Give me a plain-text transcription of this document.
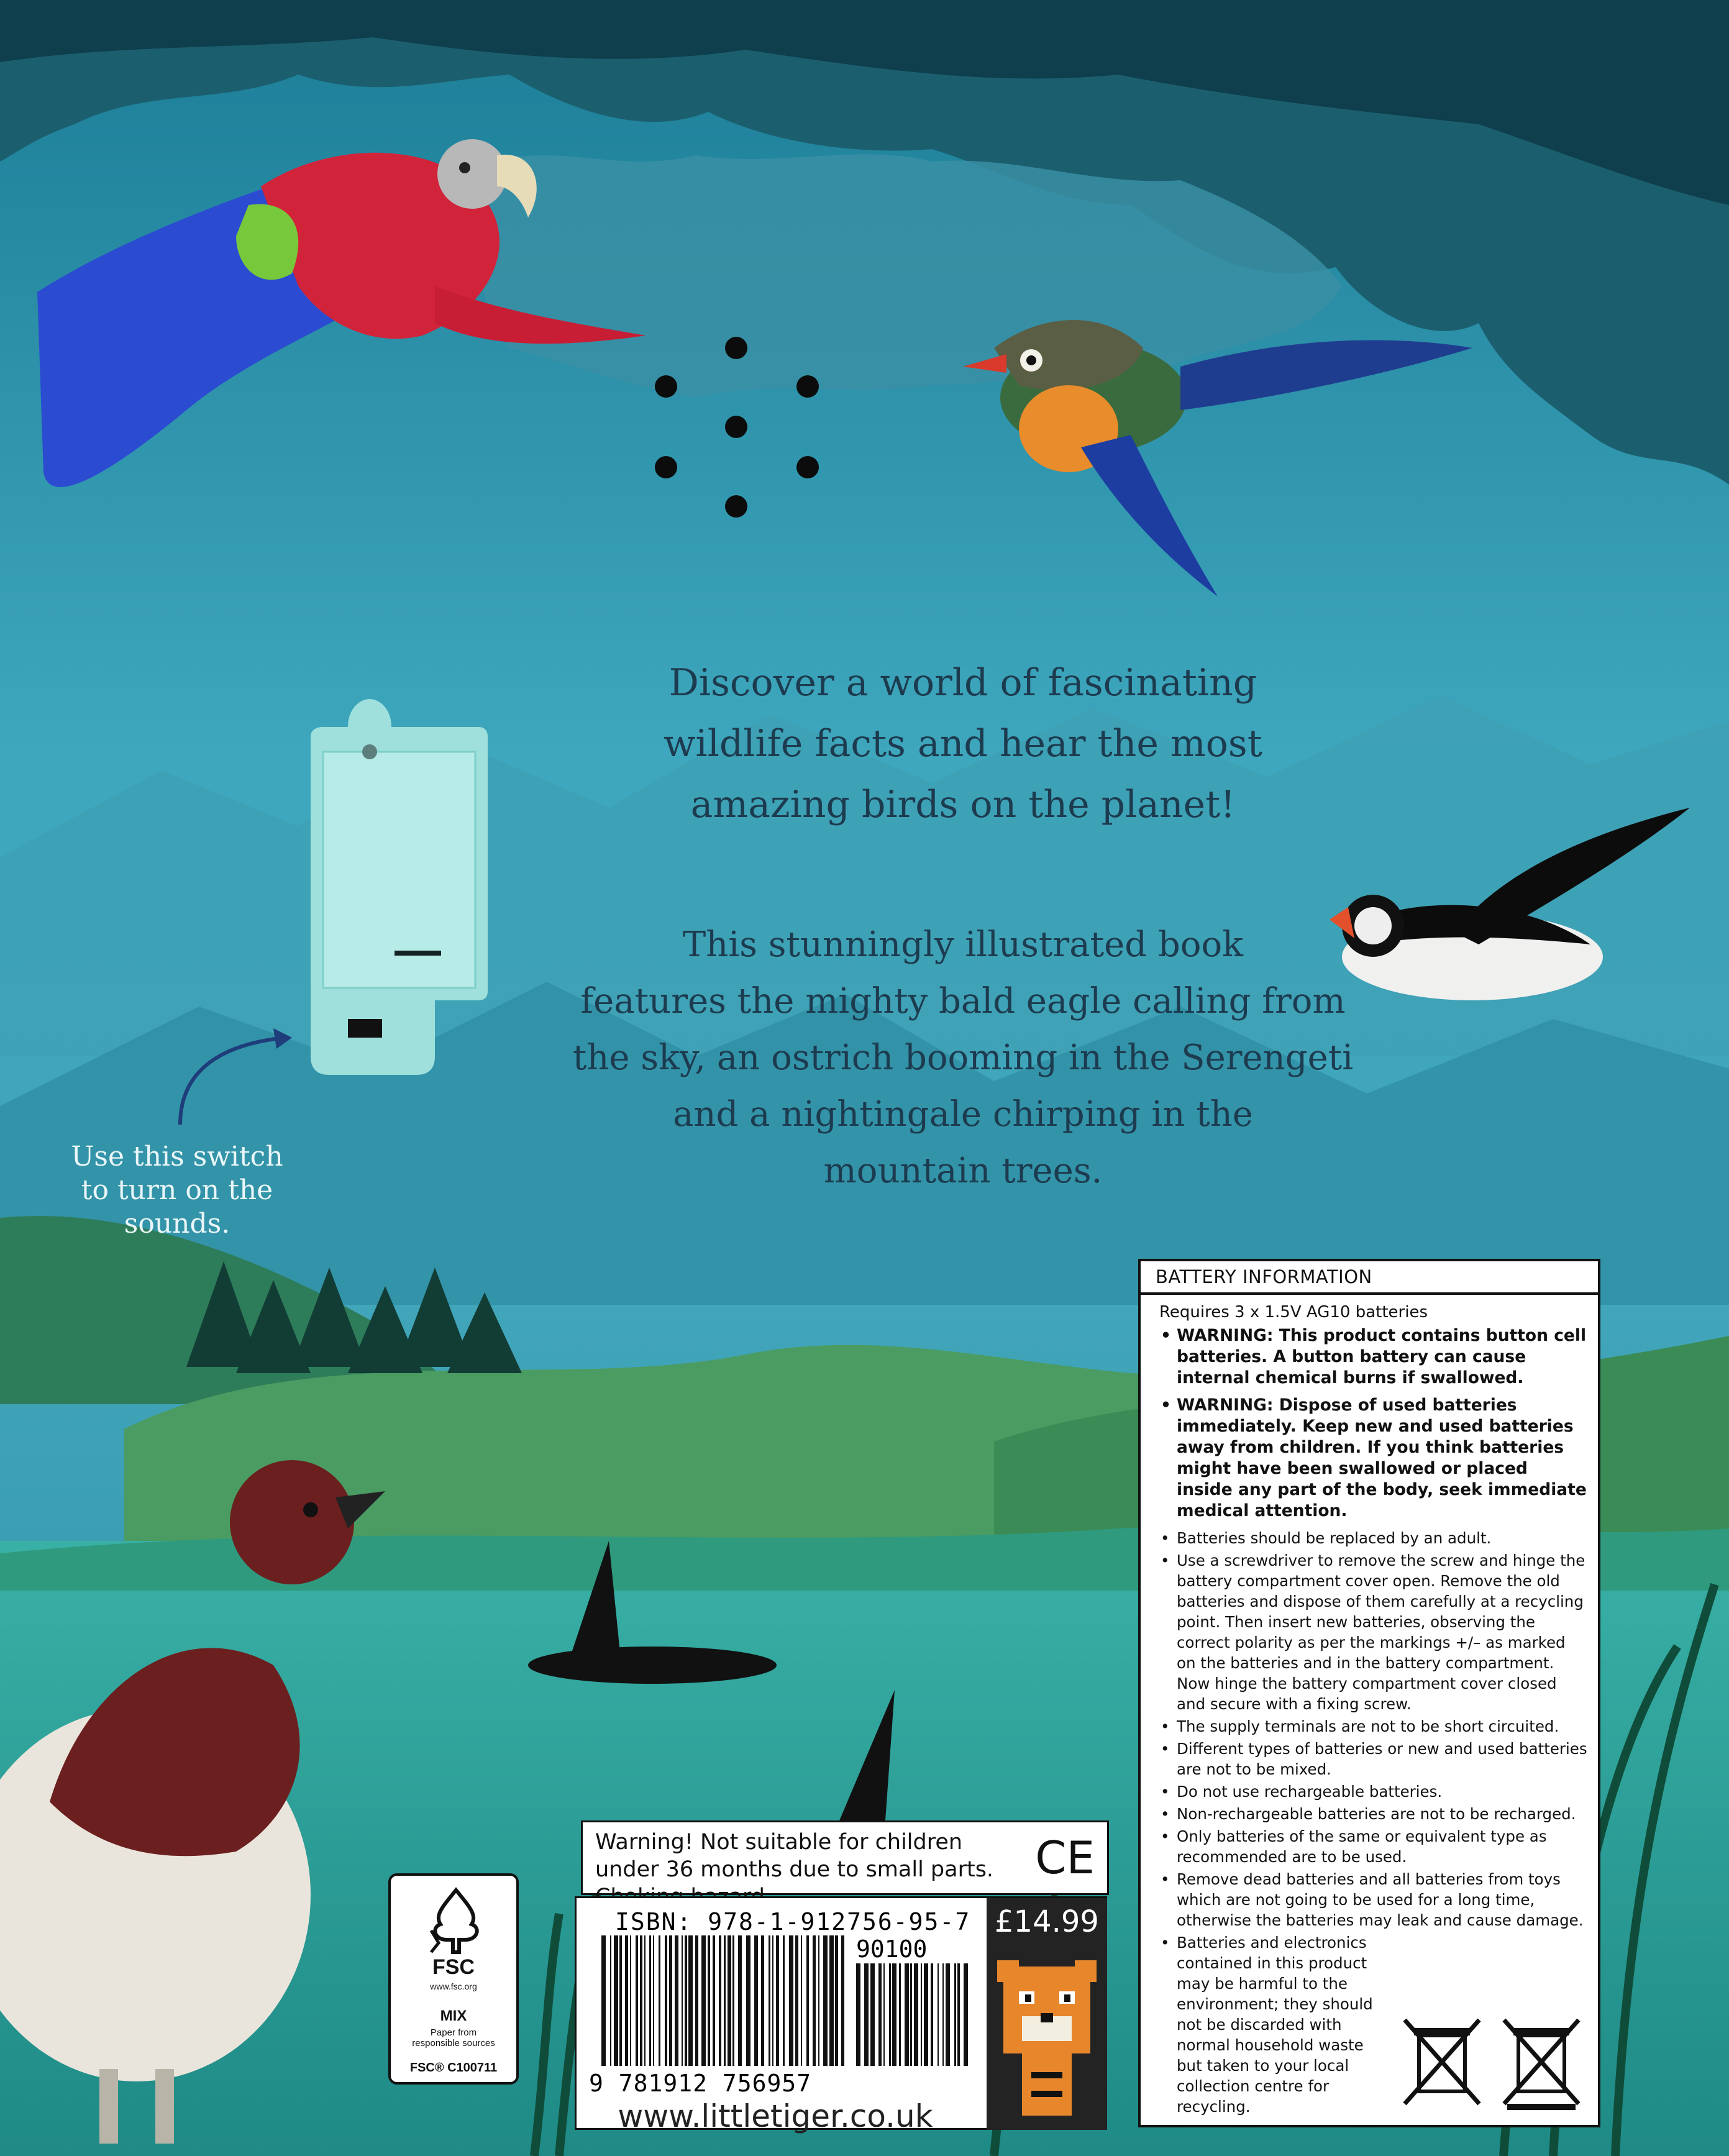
Discover a world of fascinating

wildlife facts and hear the most

amazing birds on the planet!

This stunningly illustrated book

features the mighty bald eagle calling from

the sky, an ostrich booming in the Serengeti

and a nightingale chirping in the

mountain trees.

Use this switch

to turn on the

sounds.

BATTERY INFORMATION
Requires 3 x 1.5V AG10 batteries
• WARNING: This product contains button cell batteries. A button battery can cause internal chemical burns if swallowed.
• WARNING: Dispose of used batteries immediately. Keep new and used batteries away from children. If you think batteries might have been swallowed or placed inside any part of the body, seek immediate medical attention.
• Batteries should be replaced by an adult.
• Use a screwdriver to remove the screw and hinge the battery compartment cover open. Remove the old batteries and dispose of them carefully at a recycling point. Then insert new batteries, observing the correct polarity as per the markings +/– as marked on the batteries and in the battery compartment. Now hinge the battery compartment cover closed and secure with a fixing screw.
• The supply terminals are not to be short circuited.
• Different types of batteries or new and used batteries are not to be mixed.
• Do not use rechargeable batteries.
• Non-rechargeable batteries are not to be recharged.
• Only batteries of the same or equivalent type as recommended are to be used.
• Remove dead batteries and all batteries from toys which are not going to be used for a long time, otherwise the batteries may leak and cause damage.
• Batteries and electronics contained in this product may be harmful to the environment; they should not be discarded with normal household waste but taken to your local collection centre for recycling.
Warning! Not suitable for children under 36 months due to small parts. CE
ISBN: 978-1-912756-95-7
90100
9 781912 756957
www.littletiger.co.uk
£14.99
FSC
www.fsc.org
MIX
Paper from
responsible sources
FSC® C100711
